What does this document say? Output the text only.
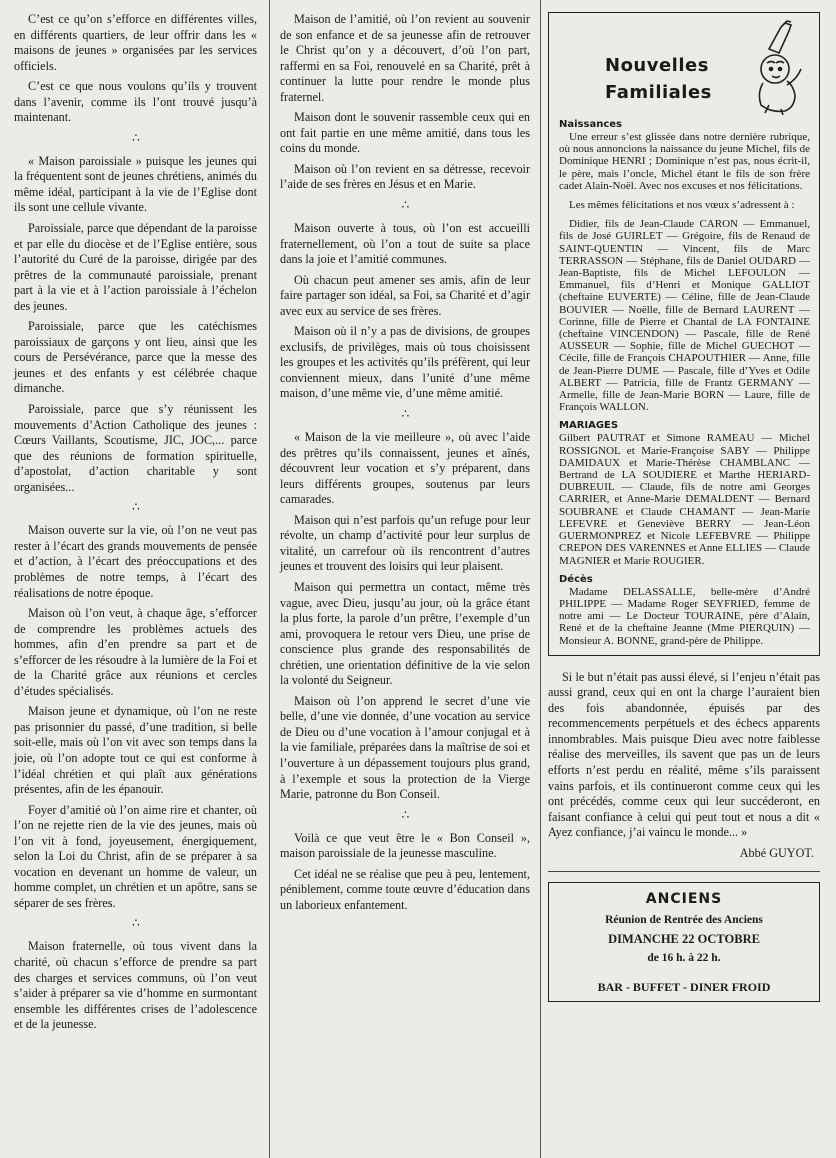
C’est ce qu’on s’efforce en différentes villes, en différents quartiers, de leur offrir dans les « maisons de jeunes » organisées par les services officiels.

C’est ce que nous voulons qu’ils y trouvent dans l’avenir, comme ils l’ont trouvé jusqu’à maintenant.

∴

« Maison paroissiale » puisque les jeunes qui la fréquentent sont de jeunes chrétiens, animés du même idéal, participant à la vie de l’Eglise dont ils sont une cellule vivante.

Paroissiale, parce que dépendant de la paroisse et par elle du diocèse et de l’Eglise entière, sous l’autorité du Curé de la paroisse, dirigée par des prêtres de la communauté paroissiale, prenant part à la vie et à l’action paroissiale à l’échelon des jeunes.

Paroissiale, parce que les catéchismes paroissiaux de garçons y ont lieu, ainsi que les cours de Persévérance, parce que la messe des jeunes et des enfants y est célébrée chaque dimanche.

Paroissiale, parce que s’y réunissent les mouvements d’Action Catholique des jeunes : Cœurs Vaillants, Scoutisme, JIC, JOC,... parce que des réunions de formation spirituelle, d’apostolat, d’action charitable y sont organisées...

∴

Maison ouverte sur la vie, où l’on ne veut pas rester à l’écart des grands mouvements de pensée et d’action, à l’écart des préoccupations et des problèmes de notre temps, à l’écart des réalisations de notre époque.

Maison où l’on veut, à chaque âge, s’efforcer de comprendre les problèmes actuels des hommes, afin d’en prendre sa part et de s’efforcer de les résoudre à la lumière de la Foi et de la Charité grâce aux réunions et cercles d’études spécialisés.

Maison jeune et dynamique, où l’on ne reste pas prisonnier du passé, d’une tradition, si belle soit-elle, mais où l’on vit avec son temps dans la joie, où l’on adopte tout ce qui est conforme à l’idéal chrétien et qui plaît aux générations présentes, afin de les épanouir.

Foyer d’amitié où l’on aime rire et chanter, où l’on ne rejette rien de la vie des jeunes, mais où l’on vit à fond, joyeusement, énergiquement, selon la Loi du Christ, afin de se préparer à sa vocation en devenant un homme de valeur, un homme complet, un chrétien et un apôtre, sans se séparer de ses frères.

∴

Maison fraternelle, où tous vivent dans la charité, où chacun s’efforce de prendre sa part des charges et services communs, où l’on veut s’aider à préparer sa vie d’homme en surmontant ensemble les différentes crises de l’adolescence et de la jeunesse.

Maison de l’amitié, où l’on revient au souvenir de son enfance et de sa jeunesse afin de retrouver le Christ qu’on y a découvert, d’où l’on part, raffermi en sa Foi, renouvelé en sa Charité, prêt à continuer la lutte pour rendre le monde plus fraternel.

Maison dont le souvenir rassemble ceux qui en ont fait partie en une même amitié, dans tous les coins du monde.

Maison où l’on revient en sa détresse, recevoir l’aide de ses frères en Jésus et en Marie.

∴

Maison ouverte à tous, où l’on est accueilli fraternellement, où l’on a tout de suite sa place dans la joie et l’amitié communes.

Où chacun peut amener ses amis, afin de leur faire partager son idéal, sa Foi, sa Charité et d’agir avec eux au service de ses frères.

Maison où il n’y a pas de divisions, de groupes exclusifs, de privilèges, mais où tous choisissent les groupes et les activités qu’ils préfèrent, qui leur conviennent mieux, dans l’unité d’une même maison, d’une même vie, d’une même amitié.

∴

« Maison de la vie meilleure », où avec l’aide des prêtres qu’ils connaissent, jeunes et aînés, découvrent leur vocation et s’y préparent, dans leurs différents groupes, soutenus par leurs camarades.

Maison qui n’est parfois qu’un refuge pour leur révolte, un champ d’activité pour leur surplus de vitalité, un carrefour où ils rencontrent d’autres jeunes et trouvent des loisirs qui leur plaisent.

Maison qui permettra un contact, même très vague, avec Dieu, jusqu’au jour, où la grâce étant la plus forte, la parole d’un prêtre, l’exemple d’un ami, provoquera le retour vers Dieu, une prise de conscience plus grande des responsabilités de chrétien, une orientation définitive de la vie selon la volonté du Seigneur.

Maison où l’on apprend le secret d’une vie belle, d’une vie donnée, d’une vocation au service de Dieu ou d’une vocation à l’amour conjugal et à la vie familiale, préparées dans la maîtrise de soi et l’ouverture à un dépassement toujours plus grand, à l’exemple et sous la protection de la Vierge Marie, patronne du Bon Conseil.

∴

Voilà ce que veut être le « Bon Conseil », maison paroissiale de la jeunesse masculine.

Cet idéal ne se réalise que peu à peu, lentement, péniblement, comme toute œuvre d’éducation dans un laborieux enfantement.

Nouvelles
Familiales
Naissances

Une erreur s’est glissée dans notre dernière rubrique, où nous annoncions la naissance du jeune Michel, fils de Dominique HENRI ; Dominique n’est pas, nous écrit-il, le père, mais l’oncle, Michel étant le fils de son frère cadet Alain-Noël. Avec nos excuses et nos félicitations.

Les mêmes félicitations et nos vœux s’adressent à :

Didier, fils de Jean-Claude CARON — Emmanuel, fils de José GUIRLET — Grégoire, fils de Renaud de SAINT-QUENTIN — Vincent, fils de Marc TERRASSON — Stéphane, fils de Daniel OUDARD — Jean-Baptiste, fils de Michel LEFOULON — Emmanuel, fils d’Henri et Monique GALLIOT (cheftaine EUVERTE) — Céline, fille de Jean-Claude BOUVIER — Noëlle, fille de Bernard LAURENT — Corinne, fille de Pierre et Chantal de LA FONTAINE (cheftaine VINCENDON) — Pascale, fille de René AUSSEUR — Sophie, fille de Michel GUECHOT — Cécile, fille de François CHAPOUTHIER — Anne, fille de Jean-Pierre DUME — Pascale, fille d’Yves et Odile ALBERT — Patricia, fille de Frantz GERMANY — Armelle, fille de Jean-Marie BORN — Laure, fille de François WALLON.

MARIAGES

Gilbert PAUTRAT et Simone RAMEAU — Michel ROSSIGNOL et Marie-Françoise SABY — Philippe DAMIDAUX et Marie-Thérèse CHAMBLANC — Bertrand de LA SOUDIERE et Marthe HERIARD-DUBREUIL — Claude, fils de notre ami Georges CARRIER, et Anne-Marie DEMALDENT — Bernard SOUBRANE et Claude CHAMANT — Jean-Marie LEFEVRE et Geneviève BERRY — Jean-Léon GUERMONPREZ et Nicole LEFEBVRE — Philippe CREPON DES VARENNES et Anne ELLIES — Claude MAGNIER et Marie ROUGIER.

Décès

Madame DELASSALLE, belle-mère d’André PHILIPPE — Madame Roger SEYFRIED, femme de notre ami — Le Docteur TOURAINE, père d’Alain, René et de la cheftaine Jeanne (Mme PIERQUIN) — Monsieur A. BONNE, grand-père de Philippe.

Si le but n’était pas aussi élevé, si l’enjeu n’était pas aussi grand, ceux qui en ont la charge l’auraient bien des fois abandonnée, épuisés par des recommencements perpétuels et des échecs apparents innombrables. Mais puisque Dieu avec notre faiblesse réalise des merveilles, ils savent que pas un de leurs efforts n’est perdu en réalité, même s’ils paraissent vains parfois, et ils continueront comme ceux qui les ont précédés, comme ceux qui leur succéderont, en faisant confiance à celui qui peut tout et nous a dit « Ayez confiance, j’ai vaincu le monde... »

Abbé GUYOT.
ANCIENS

Réunion de Rentrée des Anciens

DIMANCHE 22 OCTOBRE

de 16 h. à 22 h.

BAR - BUFFET - DINER FROID
